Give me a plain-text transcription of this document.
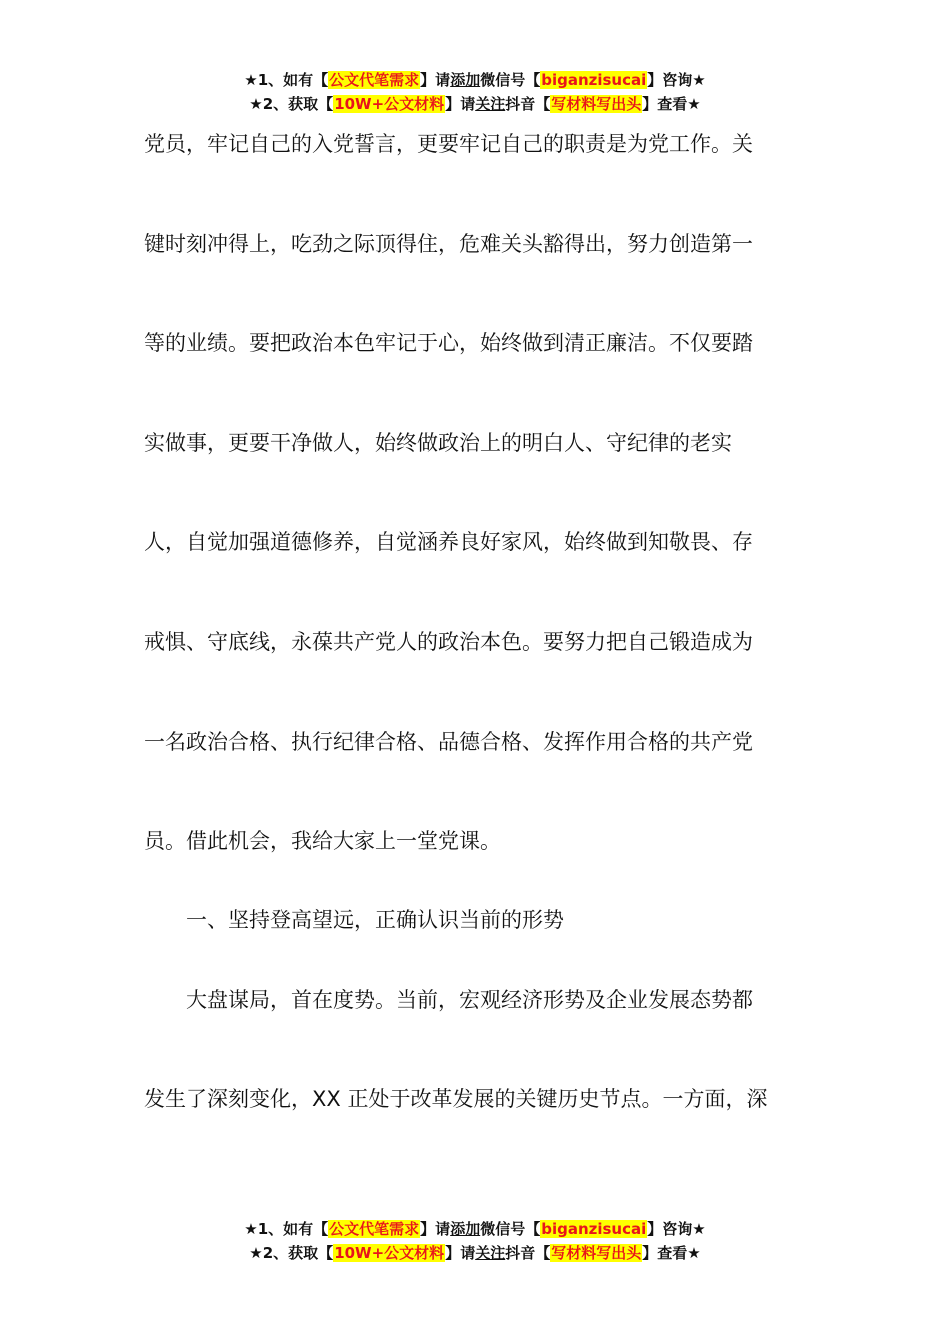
★1、如有【公文代笔需求】请添加微信号【biganzisucai】咨询★
★2、获取【10W+公文材料】请关注抖音【写材料写出头】查看★
党员，牢记自己的入党誓言，更要牢记自己的职责是为党工作。关
键时刻冲得上，吃劲之际顶得住，危难关头豁得出，努力创造第一
等的业绩。要把政治本色牢记于心，始终做到清正廉洁。不仅要踏
实做事，更要干净做人，始终做政治上的明白人、守纪律的老实
人，自觉加强道德修养，自觉涵养良好家风，始终做到知敬畏、存
戒惧、守底线，永葆共产党人的政治本色。要努力把自己锻造成为
一名政治合格、执行纪律合格、品德合格、发挥作用合格的共产党
员。借此机会，我给大家上一堂党课。
　　一、坚持登高望远，正确认识当前的形势
　　大盘谋局，首在度势。当前，宏观经济形势及企业发展态势都
发生了深刻变化，XX 正处于改革发展的关键历史节点。一方面，深
★1、如有【公文代笔需求】请添加微信号【biganzisucai】咨询★
★2、获取【10W+公文材料】请关注抖音【写材料写出头】查看★
